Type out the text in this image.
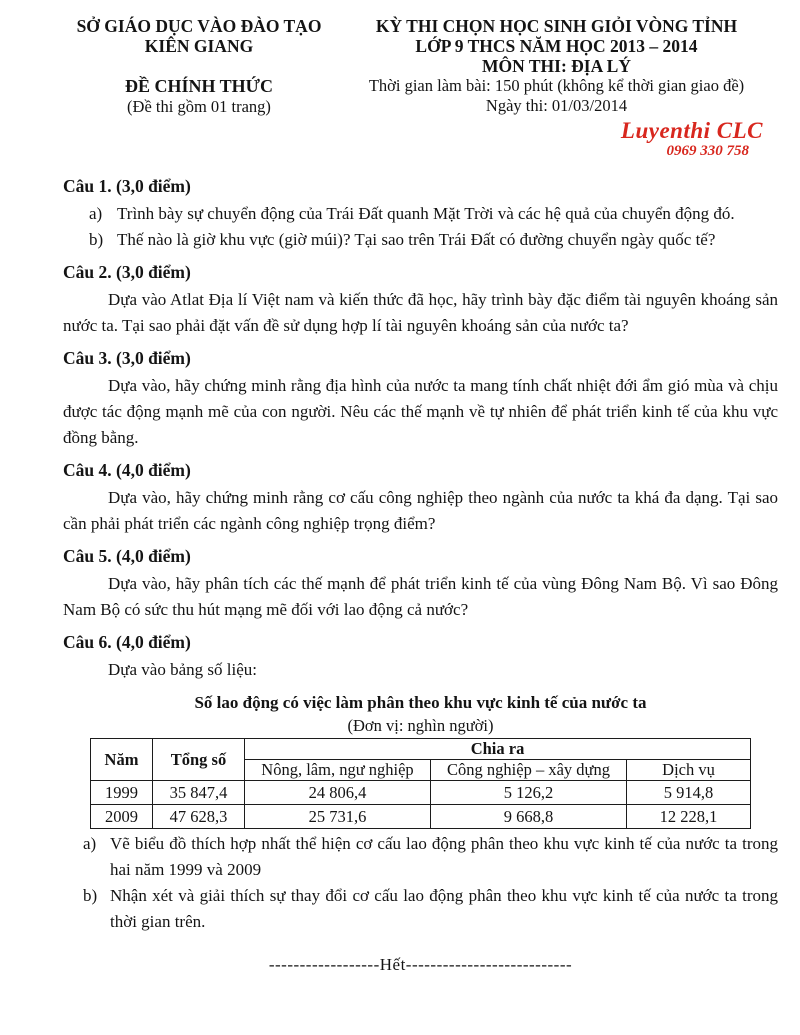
SỞ GIÁO DỤC VÀO ĐÀO TẠO
KIÊN GIANG
ĐỀ CHÍNH THỨC
(Đề thi gồm 01 trang)
KỲ THI CHỌN HỌC SINH GIỎI VÒNG TỈNH
LỚP 9 THCS NĂM HỌC 2013 – 2014
MÔN THI: ĐỊA LÝ
Thời gian làm bài: 150 phút (không kể thời gian giao đề)
Ngày thi: 01/03/2014
Luyenthi CLC
0969 330 758
Câu 1. (3,0 điểm)
a) Trình bày sự chuyển động của Trái Đất quanh Mặt Trời và các hệ quả của chuyển động đó.
b) Thế nào là giờ khu vực (giờ múi)? Tại sao trên Trái Đất có đường chuyển ngày quốc tế?
Câu 2. (3,0 điểm)

Dựa vào Atlat Địa lí Việt nam và kiến thức đã học, hãy trình bày đặc điểm tài nguyên khoáng sản nước ta. Tại sao phải đặt vấn đề sử dụng hợp lí tài nguyên khoáng sản của nước ta?

Câu 3. (3,0 điểm)

Dựa vào, hãy chứng minh rằng địa hình của nước ta mang tính chất nhiệt đới ẩm gió mùa và chịu được tác động mạnh mẽ của con người. Nêu các thế mạnh về tự nhiên để phát triển kinh tế của khu vực đồng bằng.

Câu 4. (4,0 điểm)

Dựa vào, hãy chứng minh rằng cơ cấu công nghiệp theo ngành của nước ta khá đa dạng. Tại sao cần phải phát triển các ngành công nghiệp trọng điểm?

Câu 5. (4,0 điểm)

Dựa vào, hãy phân tích các thế mạnh để phát triển kinh tế của vùng Đông Nam Bộ. Vì sao Đông Nam Bộ có sức thu hút mạng mẽ đối với lao động cả nước?

Câu 6. (4,0 điểm)

Dựa vào bảng số liệu:

Số lao động có việc làm phân theo khu vực kinh tế của nước ta
(Đơn vị: nghìn người)
Năm	Tổng số	Chia ra		
		Nông, lâm, ngư nghiệp	Công nghiệp – xây dựng	Dịch vụ
1999	35 847,4	24 806,4	5 126,2	5 914,8
2009	47 628,3	25 731,6	9 668,8	12 228,1
a) Vẽ biểu đồ thích hợp nhất thể hiện cơ cấu lao động phân theo khu vực kinh tế của nước ta trong hai năm 1999 và 2009
b) Nhận xét và giải thích sự thay đổi cơ cấu lao động phân theo khu vực kinh tế của nước ta trong thời gian trên.
------------------Hết---------------------------
